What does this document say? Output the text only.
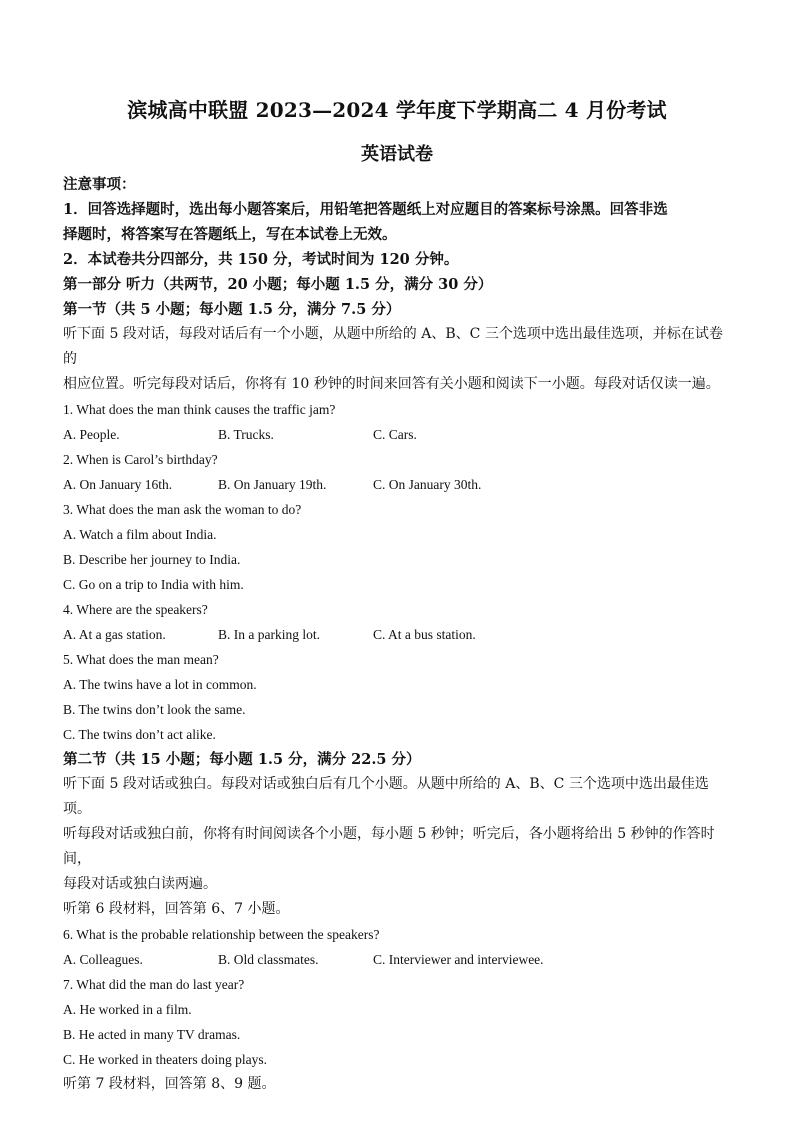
滨城高中联盟 2023—2024 学年度下学期高二 4 月份考试
英语试卷
注意事项：
1．回答选择题时，选出每小题答案后，用铅笔把答题纸上对应题目的答案标号涂黑。回答非选
择题时，将答案写在答题纸上，写在本试卷上无效。
2．本试卷共分四部分，共 150 分，考试时间为 120 分钟。
第一部分 听力（共两节，20 小题；每小题 1.5 分，满分 30 分）
第一节（共 5 小题；每小题 1.5 分，满分 7.5 分）
听下面 5 段对话，每段对话后有一个小题，从题中所给的 A、B、C 三个选项中选出最佳选项，并标在试卷的
相应位置。听完每段对话后，你将有 10 秒钟的时间来回答有关小题和阅读下一小题。每段对话仅读一遍。
1. What does the man think causes the traffic jam?
A. People.	B. Trucks.	C. Cars.
2. When is Carol’s birthday?
A. On January 16th.	B. On January 19th.	C. On January 30th.
3. What does the man ask the woman to do?
A. Watch a film about India.
B. Describe her journey to India.
C. Go on a trip to India with him.
4. Where are the speakers?
A. At a gas station.	B. In a parking lot.	C. At a bus station.
5. What does the man mean?
A. The twins have a lot in common.
B. The twins don’t look the same.
C. The twins don’t act alike.
第二节（共 15 小题；每小题 1.5 分，满分 22.5 分）
听下面 5 段对话或独白。每段对话或独白后有几个小题。从题中所给的 A、B、C 三个选项中选出最佳选项。
听每段对话或独白前，你将有时间阅读各个小题，每小题 5 秒钟；听完后，各小题将给出 5 秒钟的作答时间，
每段对话或独白读两遍。
听第 6 段材料，回答第 6、7 小题。
6. What is the probable relationship between the speakers?
A. Colleagues.	B. Old classmates.	C. Interviewer and interviewee.
7. What did the man do last year?
A. He worked in a film.
B. He acted in many TV dramas.
C. He worked in theaters doing plays.
听第 7 段材料，回答第 8、9 题。
